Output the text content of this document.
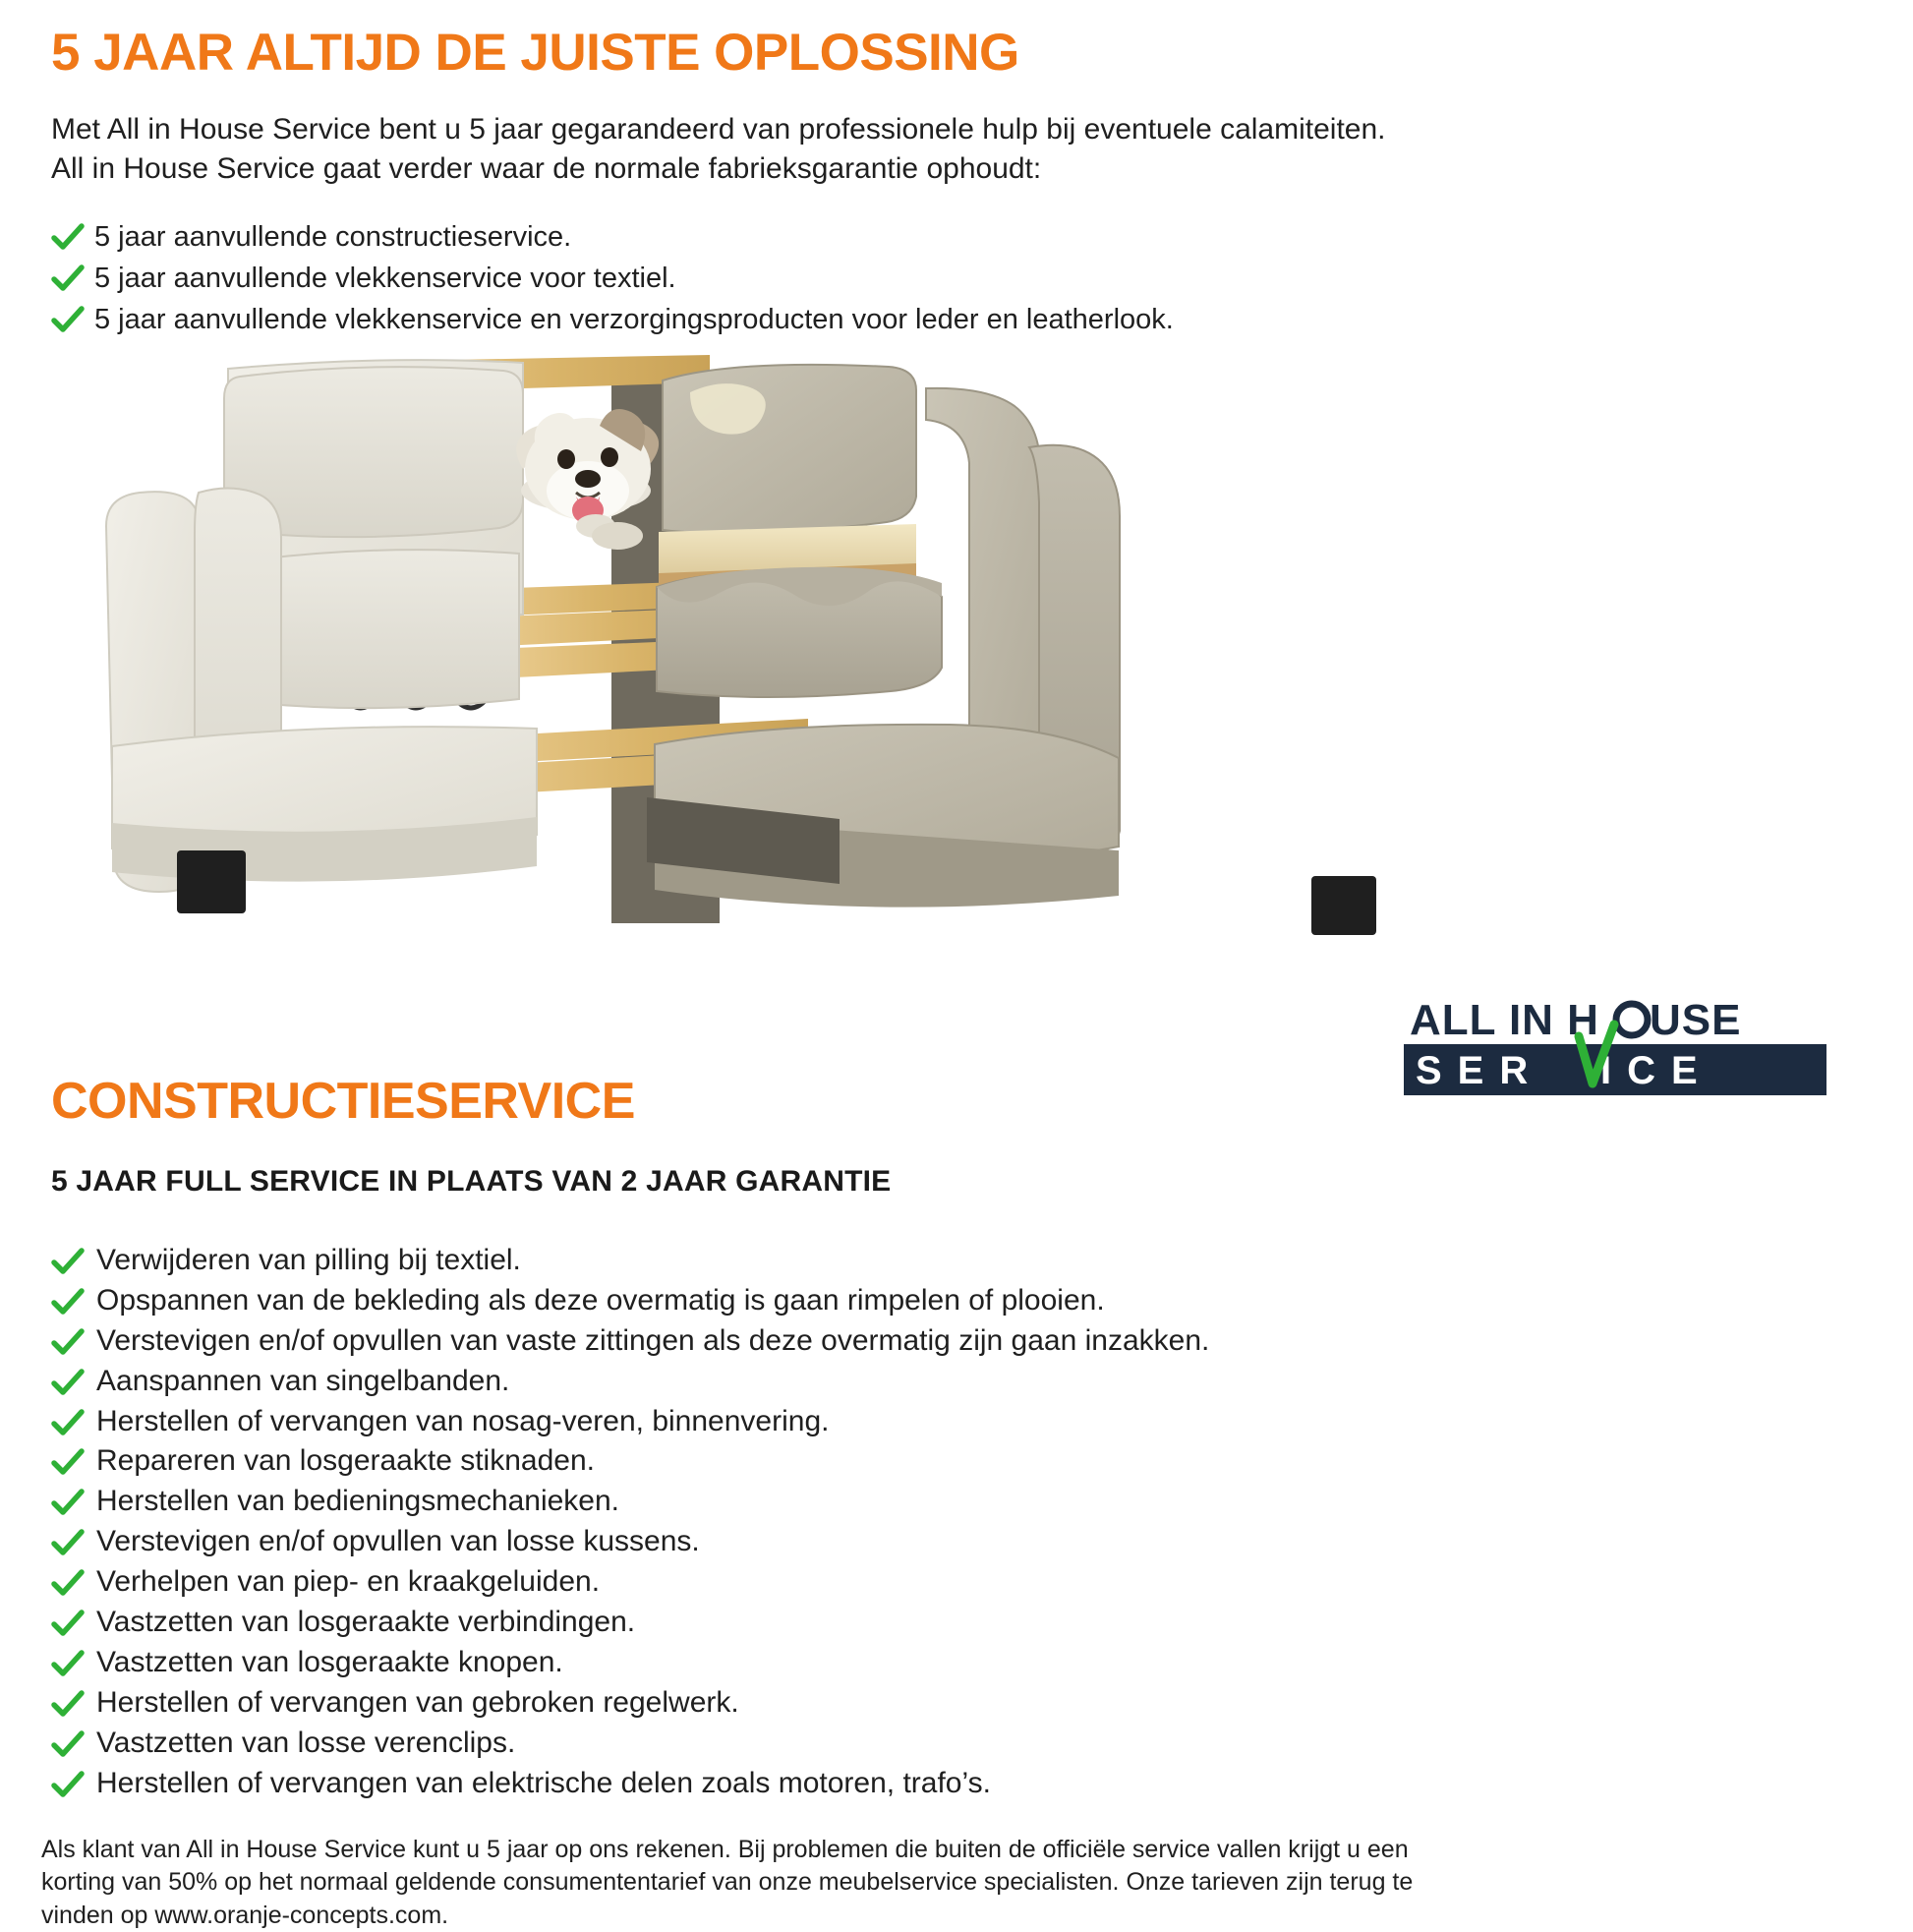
5 JAAR ALTIJD DE JUISTE OPLOSSING

Met All in House Service bent u 5 jaar gegarandeerd van professionele hulp bij eventuele calamiteiten. All in House Service gaat verder waar de normale fabrieksgarantie ophoudt:

5 jaar aanvullende constructieservice.
5 jaar aanvullende vlekkenservice voor textiel.
5 jaar aanvullende vlekkenservice en verzorgingsproducten voor leder en leatherlook.
ALL IN H USE
SER ICE
CONSTRUCTIESERVICE
5 JAAR FULL SERVICE IN PLAATS VAN 2 JAAR GARANTIE
Verwijderen van pilling bij textiel.
Opspannen van de bekleding als deze overmatig is gaan rimpelen of plooien.
Verstevigen en/of opvullen van vaste zittingen als deze overmatig zijn gaan inzakken.
Aanspannen van singelbanden.
Herstellen of vervangen van nosag-veren, binnenvering.
Repareren van losgeraakte stiknaden.
Herstellen van bedieningsmechanieken.
Verstevigen en/of opvullen van losse kussens.
Verhelpen van piep- en kraakgeluiden.
Vastzetten van losgeraakte verbindingen.
Vastzetten van losgeraakte knopen.
Herstellen of vervangen van gebroken regelwerk.
Vastzetten van losse verenclips.
Herstellen of vervangen van elektrische delen zoals motoren, trafo’s.

Als klant van All in House Service kunt u 5 jaar op ons rekenen. Bij problemen die buiten de officiële service vallen krijgt u een korting van 50% op het normaal geldende consumententarief van onze meubelservice specialisten. Onze tarieven zijn terug te vinden op www.oranje-concepts.com.
